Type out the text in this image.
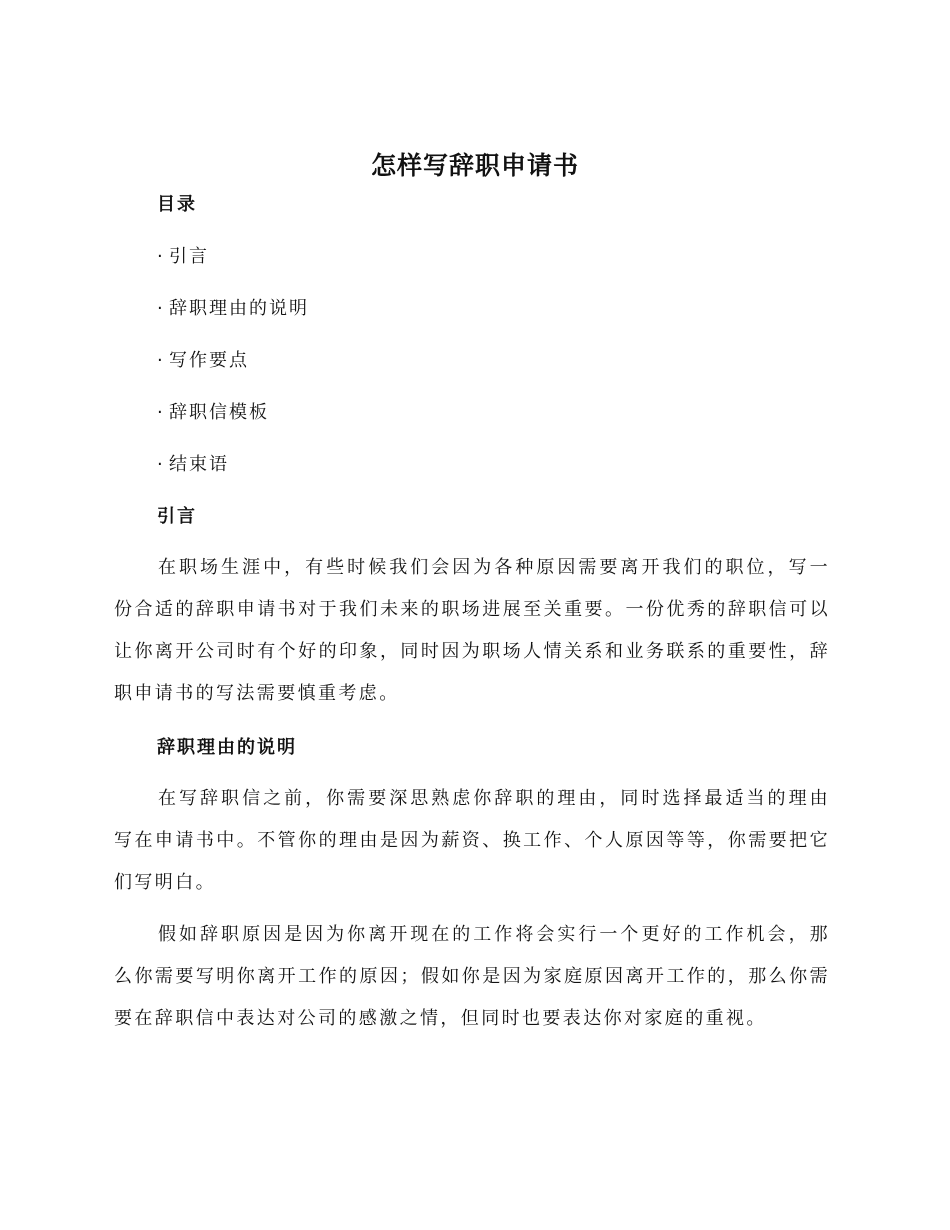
怎样写辞职申请书
目录
· 引言
· 辞职理由的说明
· 写作要点
· 辞职信模板
· 结束语
引言

在职场生涯中，有些时候我们会因为各种原因需要离开我们的职位，写一份合适的辞职申请书对于我们未来的职场进展至关重要。一份优秀的辞职信可以让你离开公司时有个好的印象，同时因为职场人情关系和业务联系的重要性，辞职申请书的写法需要慎重考虑。

辞职理由的说明

在写辞职信之前，你需要深思熟虑你辞职的理由，同时选择最适当的理由写在申请书中。不管你的理由是因为薪资、换工作、个人原因等等，你需要把它们写明白。

假如辞职原因是因为你离开现在的工作将会实行一个更好的工作机会，那么你需要写明你离开工作的原因；假如你是因为家庭原因离开工作的，那么你需要在辞职信中表达对公司的感激之情，但同时也要表达你对家庭的重视。
